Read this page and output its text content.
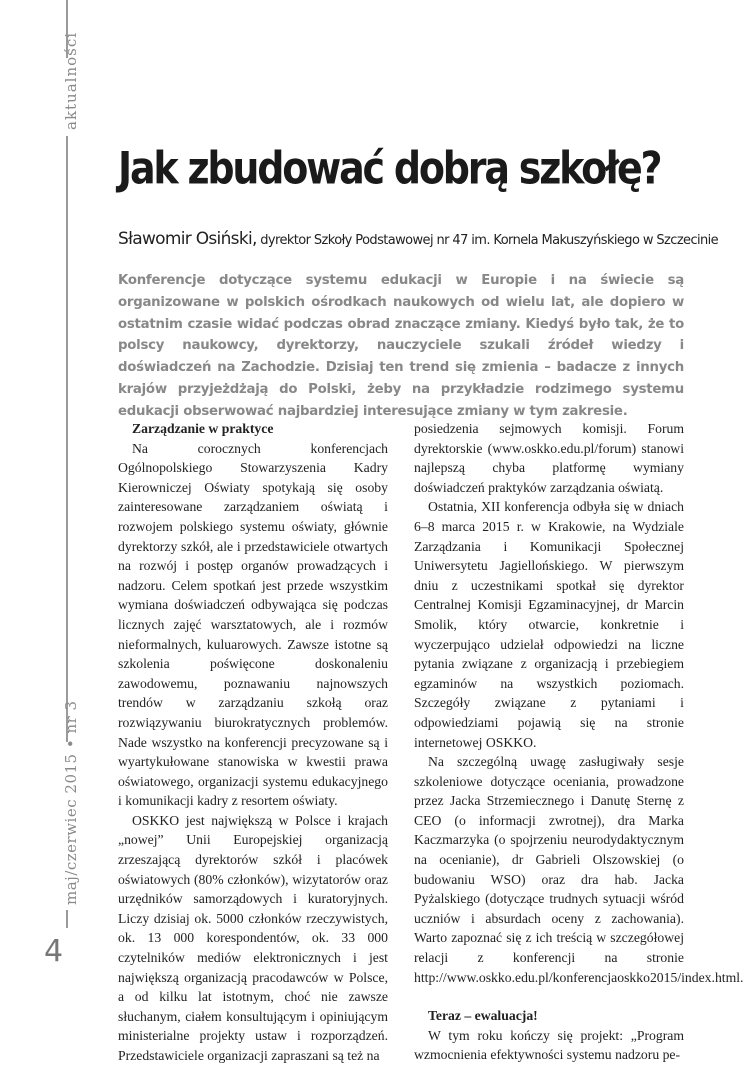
aktualności
maj/czerwiec 2015 • nr 3
4
Jak zbudować dobrą szkołę?
Sławomir Osiński, dyrektor Szkoły Podstawowej nr 47 im. Kornela Makuszyńskiego w Szczecinie
Konferencje dotyczące systemu edukacji w Europie i na świecie są organizowane w polskich ośrodkach naukowych od wielu lat, ale dopiero w ostatnim czasie widać podczas obrad znaczące zmiany. Kiedyś było tak, że to polscy naukowcy, dyrektorzy, nauczyciele szukali źródeł wiedzy i doświadczeń na Zachodzie. Dzisiaj ten trend się zmienia – badacze z innych krajów przyjeżdżają do Polski, żeby na przykładzie rodzimego systemu edukacji obserwować najbardziej interesujące zmiany w tym zakresie.
Zarządzanie w praktyce

Na corocznych konferencjach Ogólnopolskiego Stowarzyszenia Kadry Kierowniczej Oświaty spotykają się osoby zainteresowane zarządzaniem oświatą i rozwojem polskiego systemu oświaty, głównie dyrektorzy szkół, ale i przedstawiciele otwartych na rozwój i postęp organów prowadzących i nadzoru. Celem spotkań jest przede wszystkim wymiana doświadczeń odbywająca się podczas licznych zajęć warsztatowych, ale i rozmów nieformalnych, kuluarowych. Zawsze istotne są szkolenia poświęcone doskonaleniu zawodowemu, poznawaniu najnowszych trendów w zarządzaniu szkołą oraz rozwiązywaniu biurokratycznych problemów. Nade wszystko na konferencji precyzowane są i wyartykułowane stanowiska w kwestii prawa oświatowego, organizacji systemu edukacyjnego i komunikacji kadry z resortem oświaty.

OSKKO jest największą w Polsce i krajach „nowej” Unii Europejskiej organizacją zrzeszającą dyrektorów szkół i placówek oświatowych (80% członków), wizytatorów oraz urzędników samorządowych i kuratoryjnych. Liczy dzisiaj ok. 5000 członków rzeczywistych, ok. 13 000 korespondentów, ok. 33 000 czytelników mediów elektronicznych i jest największą organizacją pracodawców w Polsce, a od kilku lat istotnym, choć nie zawsze słuchanym, ciałem konsultującym i opiniującym ministerialne projekty ustaw i rozporządzeń. Przedstawiciele organizacji zapraszani są też na

posiedzenia sejmowych komisji. Forum dyrektorskie (www.oskko.edu.pl/forum) stanowi najlepszą chyba platformę wymiany doświadczeń praktyków zarządzania oświatą.

Ostatnia, XII konferencja odbyła się w dniach 6–8 marca 2015 r. w Krakowie, na Wydziale Zarządzania i Komunikacji Społecznej Uniwersytetu Jagiellońskiego. W pierwszym dniu z uczestnikami spotkał się dyrektor Centralnej Komisji Egzaminacyjnej, dr Marcin Smolik, który otwarcie, konkretnie i wyczerpująco udzielał odpowiedzi na liczne pytania związane z organizacją i przebiegiem egzaminów na wszystkich poziomach. Szczegóły związane z pytaniami i odpowiedziami pojawią się na stronie internetowej OSKKO.

Na szczególną uwagę zasługiwały sesje szkoleniowe dotyczące oceniania, prowadzone przez Jacka Strzemiecznego i Danutę Sternę z CEO (o informacji zwrotnej), dra Marka Kaczmarzyka (o spojrzeniu neurodydaktycznym na ocenianie), dr Gabrieli Olszowskiej (o budowaniu WSO) oraz dra hab. Jacka Pyżalskiego (dotyczące trudnych sytuacji wśród uczniów i absurdach oceny z zachowania). Warto zapoznać się z ich treścią w szczegółowej relacji z konferencji na stronie http://www.oskko.edu.pl/konferencjaoskko2015/index.html.

Teraz – ewaluacja!

W tym roku kończy się projekt: „Program wzmocnienia efektywności systemu nadzoru pe-
